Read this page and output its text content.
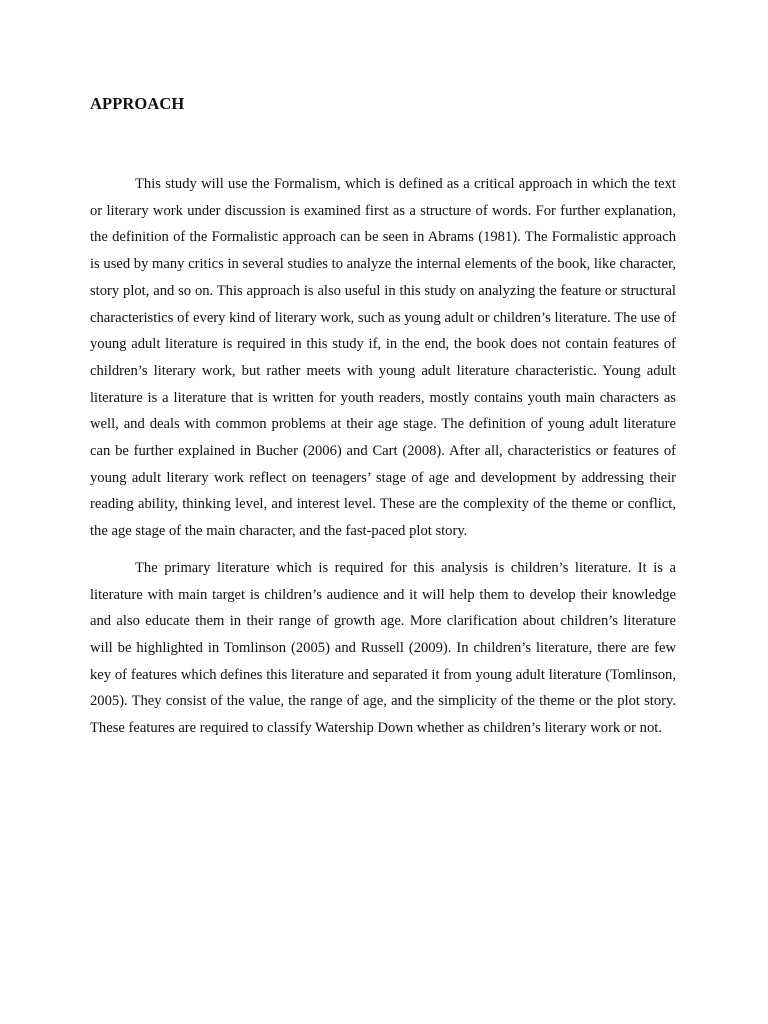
APPROACH

This study will use the Formalism, which is defined as a critical approach in which the text or literary work under discussion is examined first as a structure of words. For further explanation, the definition of the Formalistic approach can be seen in Abrams (1981). The Formalistic approach is used by many critics in several studies to analyze the internal elements of the book, like character, story plot, and so on. This approach is also useful in this study on analyzing the feature or structural characteristics of every kind of literary work, such as young adult or children’s literature. The use of young adult literature is required in this study if, in the end, the book does not contain features of children’s literary work, but rather meets with young adult literature characteristic. Young adult literature is a literature that is written for youth readers, mostly contains youth main characters as well, and deals with common problems at their age stage. The definition of young adult literature can be further explained in Bucher (2006) and Cart (2008). After all, characteristics or features of young adult literary work reflect on teenagers’ stage of age and development by addressing their reading ability, thinking level, and interest level. These are the complexity of the theme or conflict, the age stage of the main character, and the fast-paced plot story.

The primary literature which is required for this analysis is children’s literature. It is a literature with main target is children’s audience and it will help them to develop their knowledge and also educate them in their range of growth age. More clarification about children’s literature will be highlighted in Tomlinson (2005) and Russell (2009). In children’s literature, there are few key of features which defines this literature and separated it from young adult literature (Tomlinson, 2005). They consist of the value, the range of age, and the simplicity of the theme or the plot story. These features are required to classify Watership Down whether as children’s literary work or not.
